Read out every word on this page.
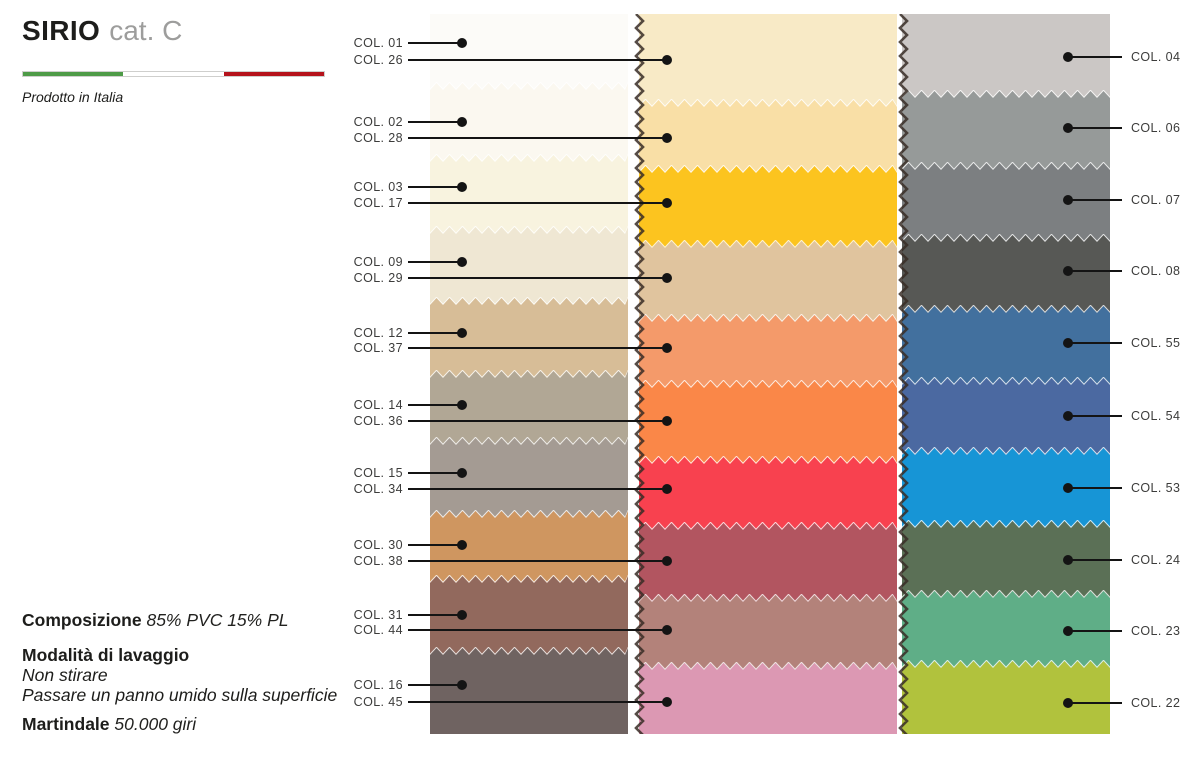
SIRIO cat. C
Prodotto in Italia

Composizione 85% PVC 15% PL

Modalità di lavaggio

Non stirare

Passare un panno umido sulla superficie

Martindale 50.000 giri

COL. 01
COL. 26	COL. 04
COL. 02
COL. 28
COL. 06
COL. 03
COL. 17	COL. 07
COL. 09
COL. 29	COL. 08
COL. 12
COL. 37	COL. 55
COL. 14
COL. 36	COL. 54
COL. 15
COL. 34	COL. 53
COL. 30
COL. 38	COL. 24
COL. 31
COL. 44	COL. 23
COL. 16
COL. 45	COL. 22
